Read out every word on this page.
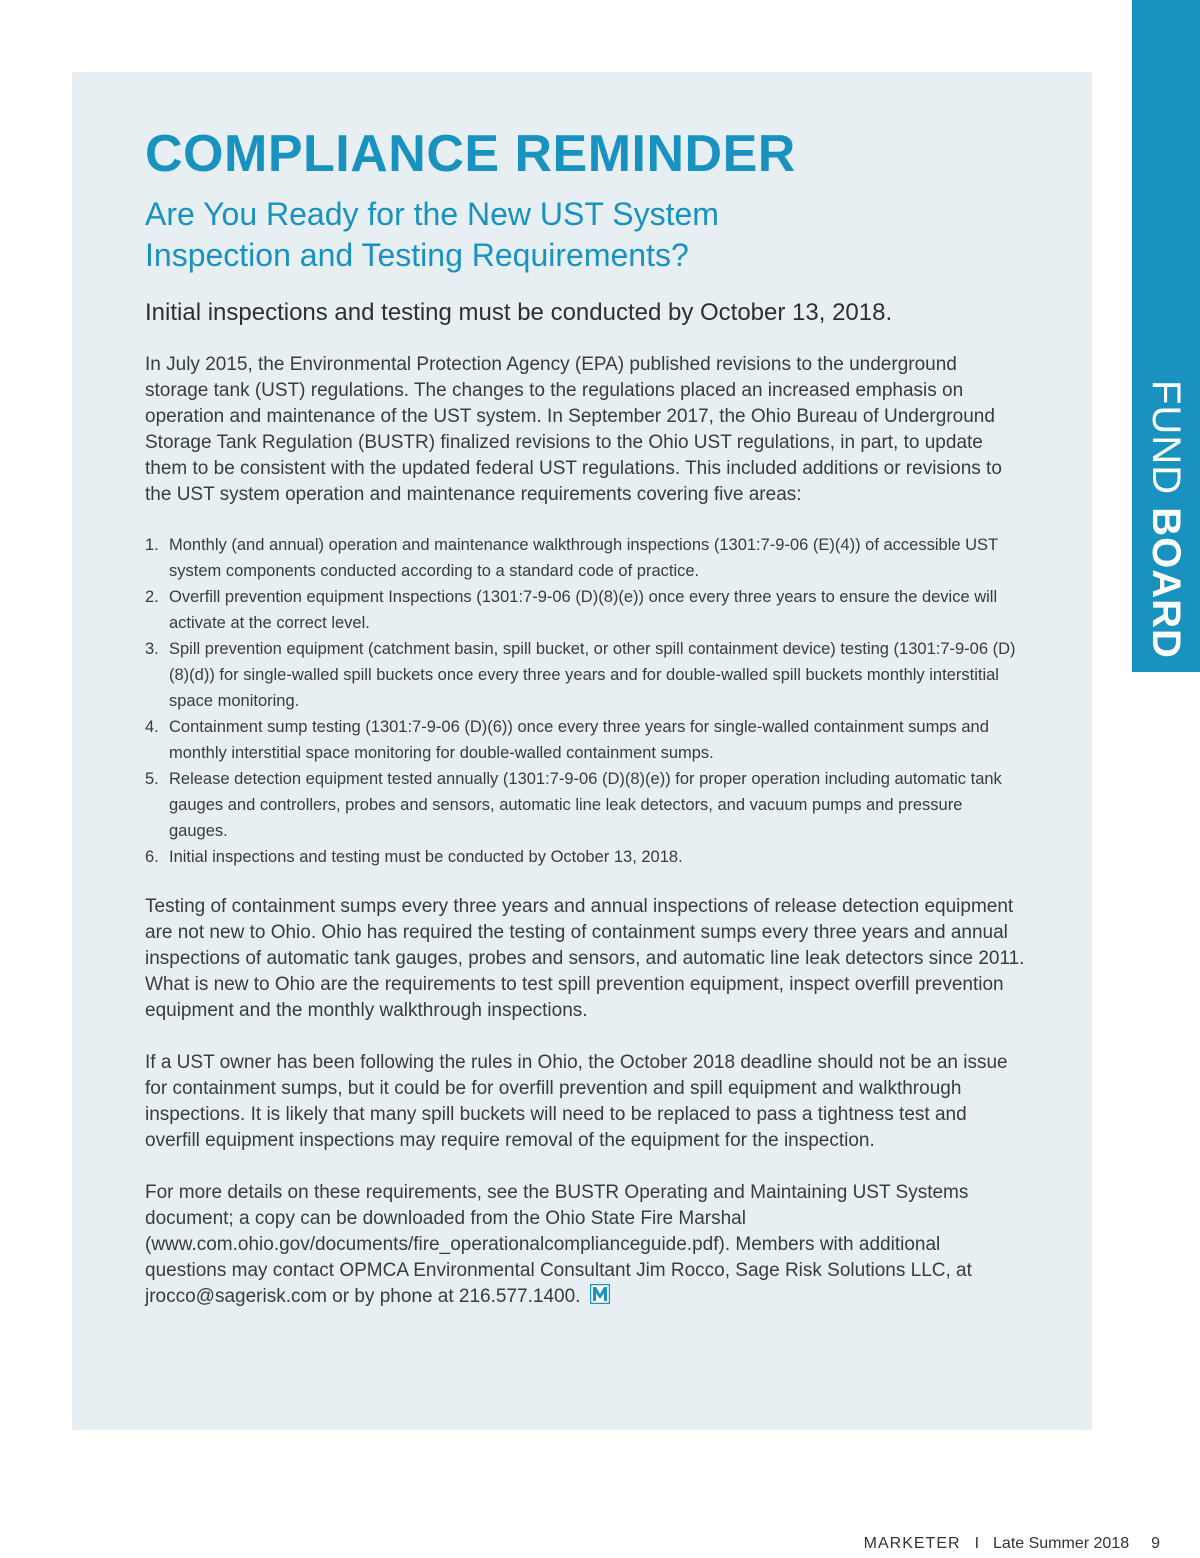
FUND BOARD
COMPLIANCE REMINDER
Are You Ready for the New UST System
Inspection and Testing Requirements?

Initial inspections and testing must be conducted by October 13, 2018.

In July 2015, the Environmental Protection Agency (EPA) published revisions to the underground storage tank (UST) regulations. The changes to the regulations placed an increased emphasis on operation and maintenance of the UST system. In September 2017, the Ohio Bureau of Underground Storage Tank Regulation (BUSTR) finalized revisions to the Ohio UST regulations, in part, to update them to be consistent with the updated federal UST regulations. This included additions or revisions to the UST system operation and maintenance requirements covering five areas:

1. Monthly (and annual) operation and maintenance walkthrough inspections (1301:7-9-06 (E)(4)) of accessible UST system components conducted according to a standard code of practice.
2. Overfill prevention equipment Inspections (1301:7-9-06 (D)(8)(e)) once every three years to ensure the device will activate at the correct level.
3. Spill prevention equipment (catchment basin, spill bucket, or other spill containment device) testing (1301:7-9-06 (D)(8)(d)) for single-walled spill buckets once every three years and for double-walled spill buckets monthly interstitial space monitoring.
4. Containment sump testing (1301:7-9-06 (D)(6)) once every three years for single-walled containment sumps and monthly interstitial space monitoring for double-walled containment sumps.
5. Release detection equipment tested annually (1301:7-9-06 (D)(8)(e)) for proper operation including automatic tank gauges and controllers, probes and sensors, automatic line leak detectors, and vacuum pumps and pressure gauges.
6. Initial inspections and testing must be conducted by October 13, 2018.

Testing of containment sumps every three years and annual inspections of release detection equipment are not new to Ohio. Ohio has required the testing of containment sumps every three years and annual inspections of automatic tank gauges, probes and sensors, and automatic line leak detectors since 2011. What is new to Ohio are the requirements to test spill prevention equipment, inspect overfill prevention equipment and the monthly walkthrough inspections.

If a UST owner has been following the rules in Ohio, the October 2018 deadline should not be an issue for containment sumps, but it could be for overfill prevention and spill equipment and walkthrough inspections. It is likely that many spill buckets will need to be replaced to pass a tightness test and overfill equipment inspections may require removal of the equipment for the inspection.

For more details on these requirements, see the BUSTR Operating and Maintaining UST Systems document; a copy can be downloaded from the Ohio State Fire Marshal (www.com.ohio.gov/documents/fire_operationalcomplianceguide.pdf). Members with additional questions may contact OPMCA Environmental Consultant Jim Rocco, Sage Risk Solutions LLC, at jrocco@sagerisk.com or by phone at 216.577.1400.

MARKETER I Late Summer 2018 9
